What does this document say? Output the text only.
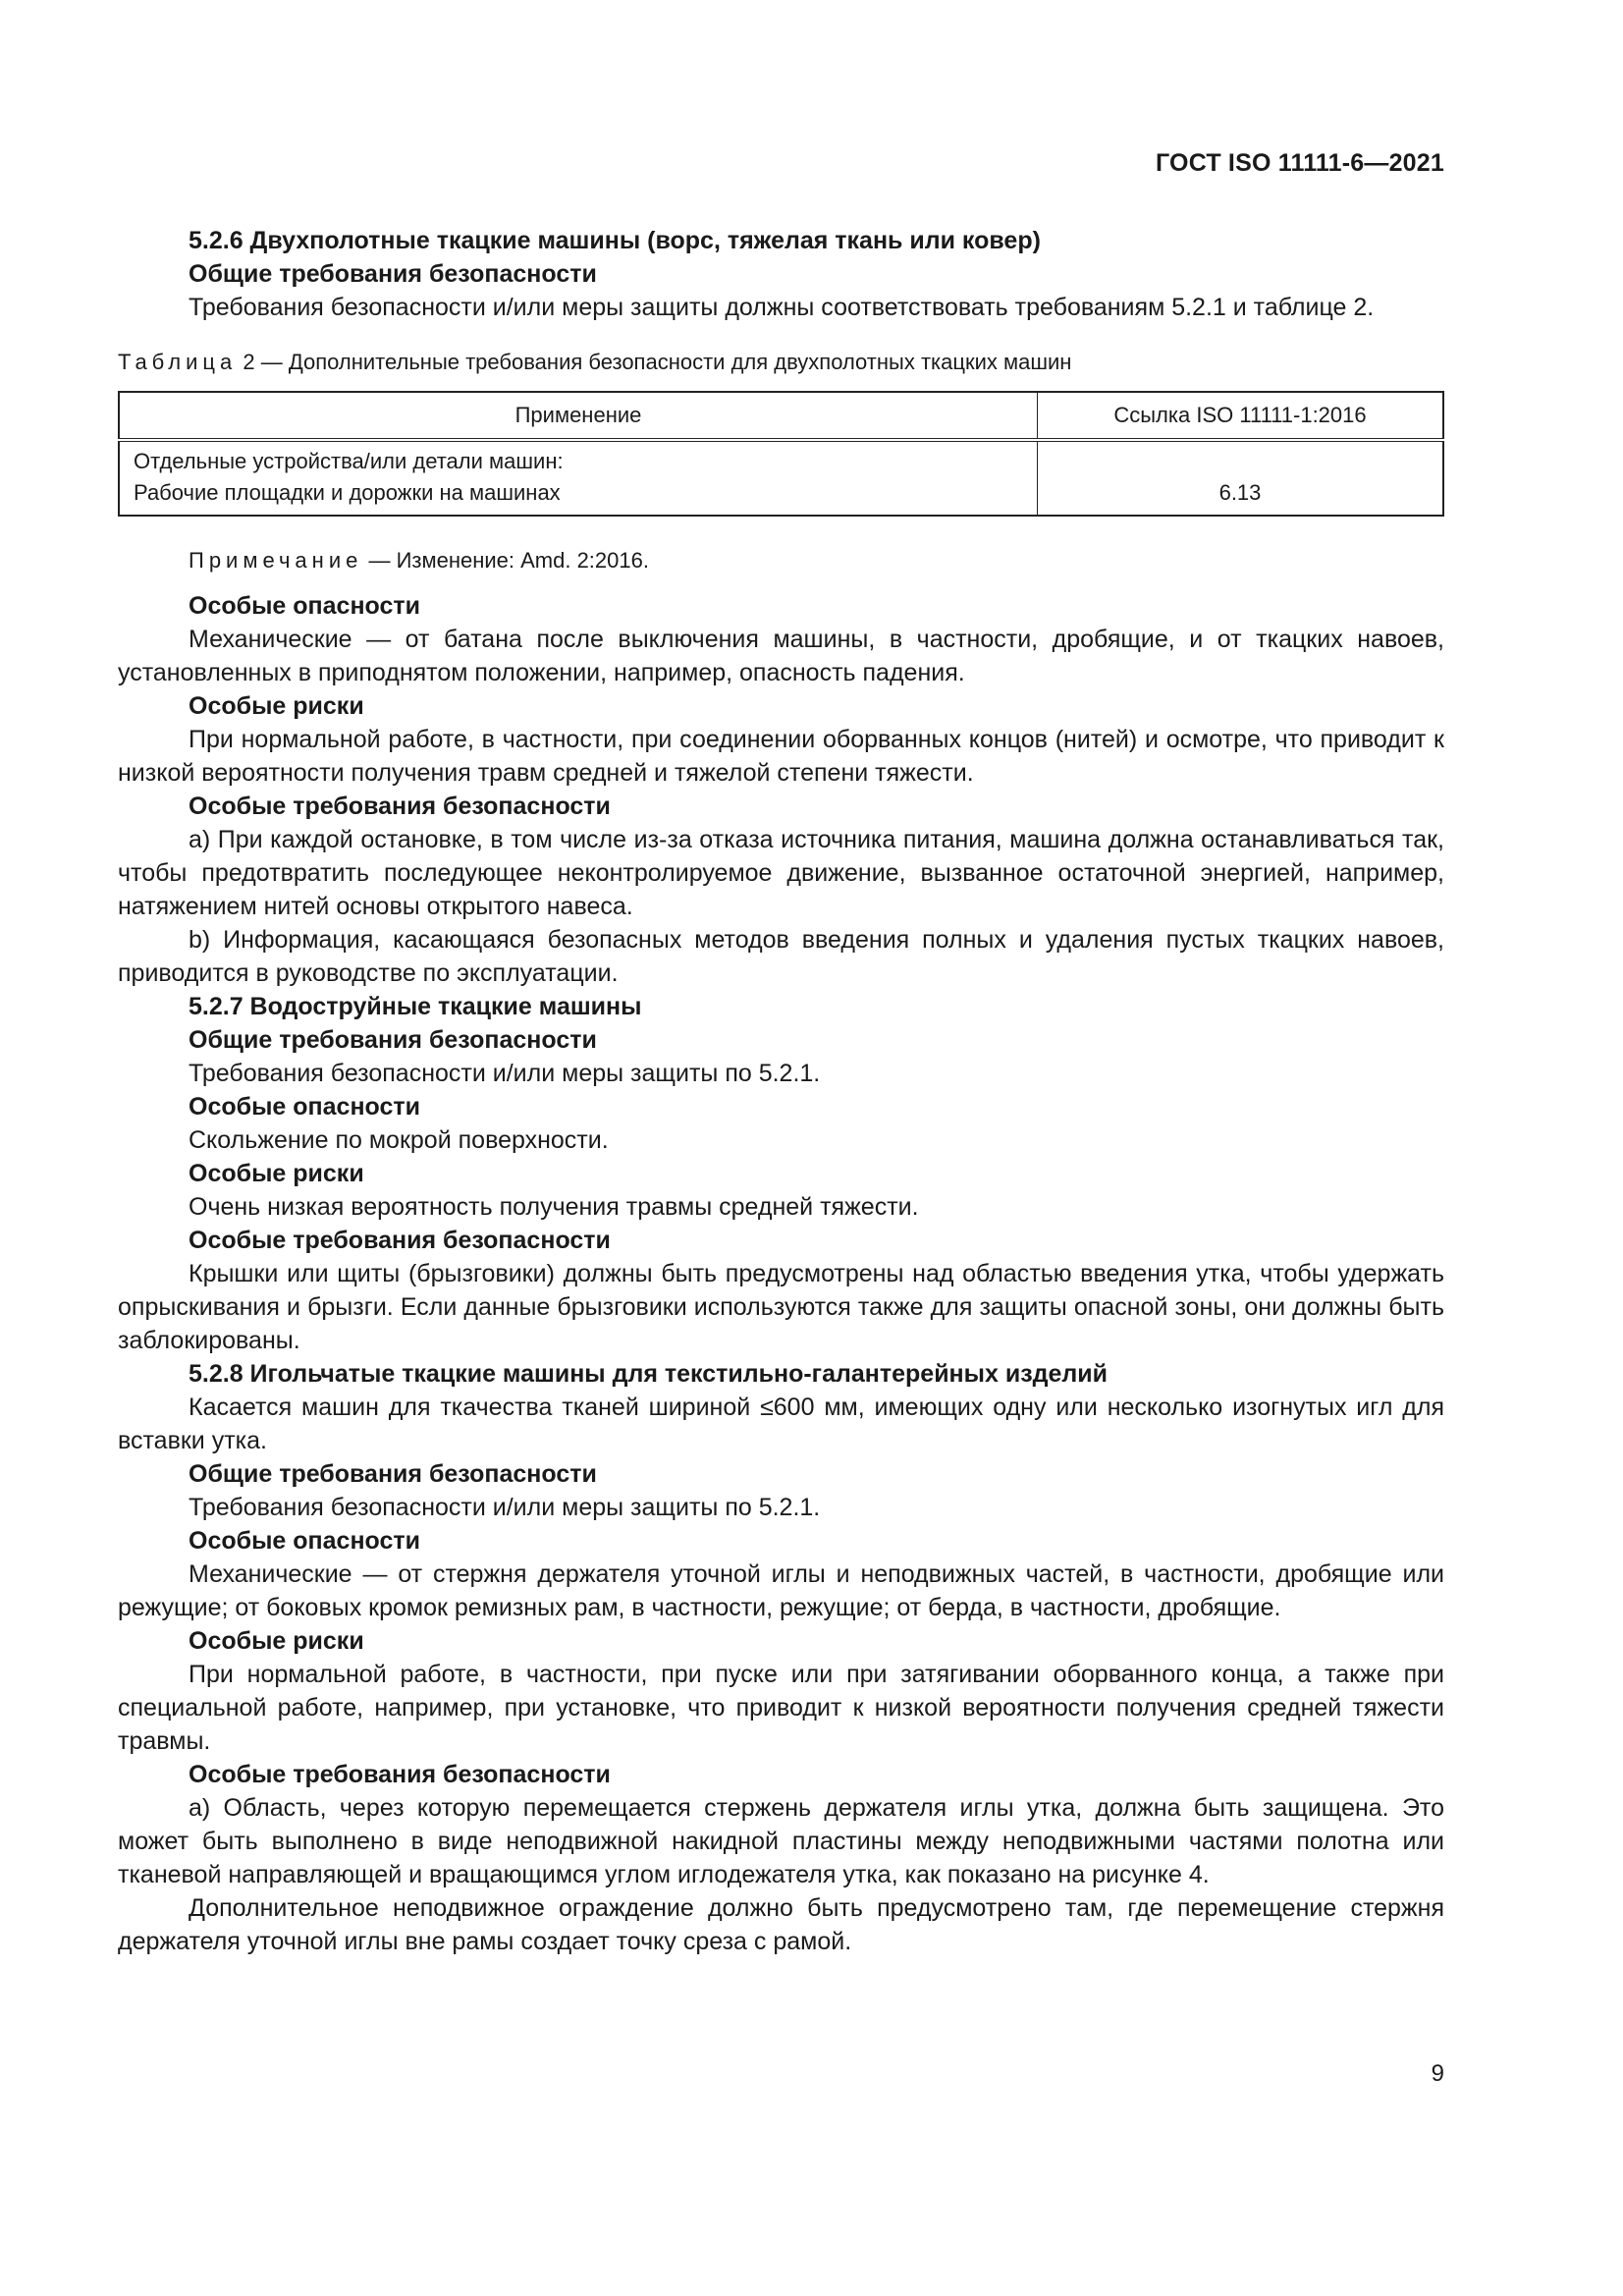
ГОСТ ISO 11111-6—2021

5.2.6 Двухполотные ткацкие машины (ворс, тяжелая ткань или ковер)

Общие требования безопасности

Требования безопасности и/или меры защиты должны соответствовать требованиям 5.2.1 и таблице 2.

Таблица 2 — Дополнительные требования безопасности для двухполотных ткацких машин
Применение	Ссылка ISO 11111-1:2016

Отдельные устройства/или детали машин:
Рабочие площадки и дорожки на машинах	6.13
Примечание — Изменение: Amd. 2:2016.

Особые опасности

Механические — от батана после выключения машины, в частности, дробящие, и от ткацких навоев, установленных в приподнятом положении, например, опасность падения.

Особые риски

При нормальной работе, в частности, при соединении оборванных концов (нитей) и осмотре, что приводит к низкой вероятности получения травм средней и тяжелой степени тяжести.

Особые требования безопасности

a) При каждой остановке, в том числе из-за отказа источника питания, машина должна останавливаться так, чтобы предотвратить последующее неконтролируемое движение, вызванное остаточной энергией, например, натяжением нитей основы открытого навеса.

b) Информация, касающаяся безопасных методов введения полных и удаления пустых ткацких навоев, приводится в руководстве по эксплуатации.

5.2.7 Водоструйные ткацкие машины

Общие требования безопасности

Требования безопасности и/или меры защиты по 5.2.1.

Особые опасности

Скольжение по мокрой поверхности.

Особые риски

Очень низкая вероятность получения травмы средней тяжести.

Особые требования безопасности

Крышки или щиты (брызговики) должны быть предусмотрены над областью введения утка, чтобы удержать опрыскивания и брызги. Если данные брызговики используются также для защиты опасной зоны, они должны быть заблокированы.

5.2.8 Игольчатые ткацкие машины для текстильно-галантерейных изделий

Касается машин для ткачества тканей шириной ≤600 мм, имеющих одну или несколько изогнутых игл для вставки утка.

Общие требования безопасности

Требования безопасности и/или меры защиты по 5.2.1.

Особые опасности

Механические — от стержня держателя уточной иглы и неподвижных частей, в частности, дробящие или режущие; от боковых кромок ремизных рам, в частности, режущие; от берда, в частности, дробящие.

Особые риски

При нормальной работе, в частности, при пуске или при затягивании оборванного конца, а также при специальной работе, например, при установке, что приводит к низкой вероятности получения средней тяжести травмы.

Особые требования безопасности

a) Область, через которую перемещается стержень держателя иглы утка, должна быть защищена. Это может быть выполнено в виде неподвижной накидной пластины между неподвижными частями полотна или тканевой направляющей и вращающимся углом иглодежателя утка, как показано на рисунке 4.

Дополнительное неподвижное ограждение должно быть предусмотрено там, где перемещение стержня держателя уточной иглы вне рамы создает точку среза с рамой.

9
